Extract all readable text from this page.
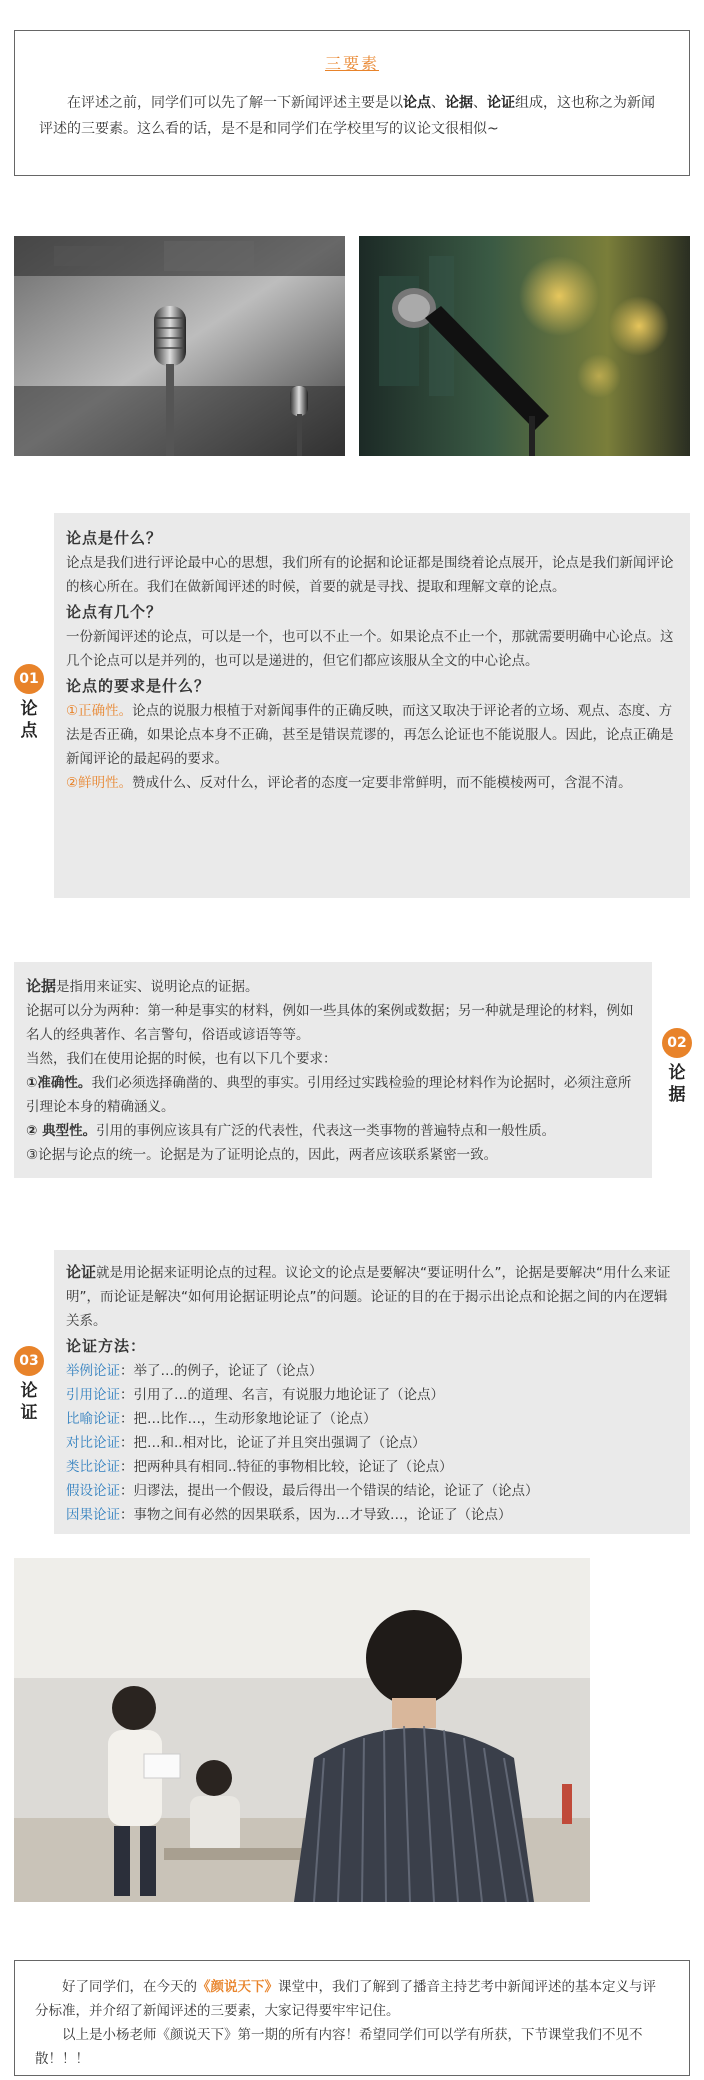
三要素

在评述之前，同学们可以先了解一下新闻评述主要是以论点、论据、论证组成，这也称之为新闻评述的三要素。这么看的话，是不是和同学们在学校里写的议论文很相似~

01
论点
论点是什么？

论点是我们进行评论最中心的思想，我们所有的论据和论证都是围绕着论点展开，论点是我们新闻评论的核心所在。我们在做新闻评述的时候，首要的就是寻找、提取和理解文章的论点。

论点有几个？

一份新闻评述的论点，可以是一个，也可以不止一个。如果论点不止一个，那就需要明确中心论点。这几个论点可以是并列的，也可以是递进的，但它们都应该服从全文的中心论点。

论点的要求是什么？

①正确性。论点的说服力根植于对新闻事件的正确反映，而这又取决于评论者的立场、观点、态度、方法是否正确，如果论点本身不正确，甚至是错误荒谬的，再怎么论证也不能说服人。因此，论点正确是新闻评论的最起码的要求。

②鲜明性。赞成什么、反对什么，评论者的态度一定要非常鲜明，而不能模棱两可，含混不清。

论据是指用来证实、说明论点的证据。

论据可以分为两种：第一种是事实的材料，例如一些具体的案例或数据；另一种就是理论的材料，例如名人的经典著作、名言警句，俗语或谚语等等。

当然，我们在使用论据的时候，也有以下几个要求：

①准确性。我们必须选择确凿的、典型的事实。引用经过实践检验的理论材料作为论据时，必须注意所引理论本身的精确涵义。

② 典型性。引用的事例应该具有广泛的代表性，代表这一类事物的普遍特点和一般性质。

③论据与论点的统一。论据是为了证明论点的，因此，两者应该联系紧密一致。

02
论据
03
论证

论证就是用论据来证明论点的过程。议论文的论点是要解决“要证明什么”，论据是要解决“用什么来证明”，而论证是解决“如何用论据证明论点”的问题。论证的目的在于揭示出论点和论据之间的内在逻辑关系。

论证方法：

举例论证：举了…的例子，论证了（论点）

引用论证：引用了…的道理、名言，有说服力地论证了（论点）

比喻论证：把…比作…，生动形象地论证了（论点）

对比论证：把…和..相对比，论证了并且突出强调了（论点）

类比论证：把两种具有相同..特征的事物相比较，论证了（论点）

假设论证：归谬法，提出一个假设，最后得出一个错误的结论，论证了（论点）

因果论证：事物之间有必然的因果联系，因为…才导致…，论证了（论点）

好了同学们，在今天的《颜说天下》课堂中，我们了解到了播音主持艺考中新闻评述的基本定义与评分标准，并介绍了新闻评述的三要素，大家记得要牢牢记住。

以上是小杨老师《颜说天下》第一期的所有内容！希望同学们可以学有所获，下节课堂我们不见不散！！！
